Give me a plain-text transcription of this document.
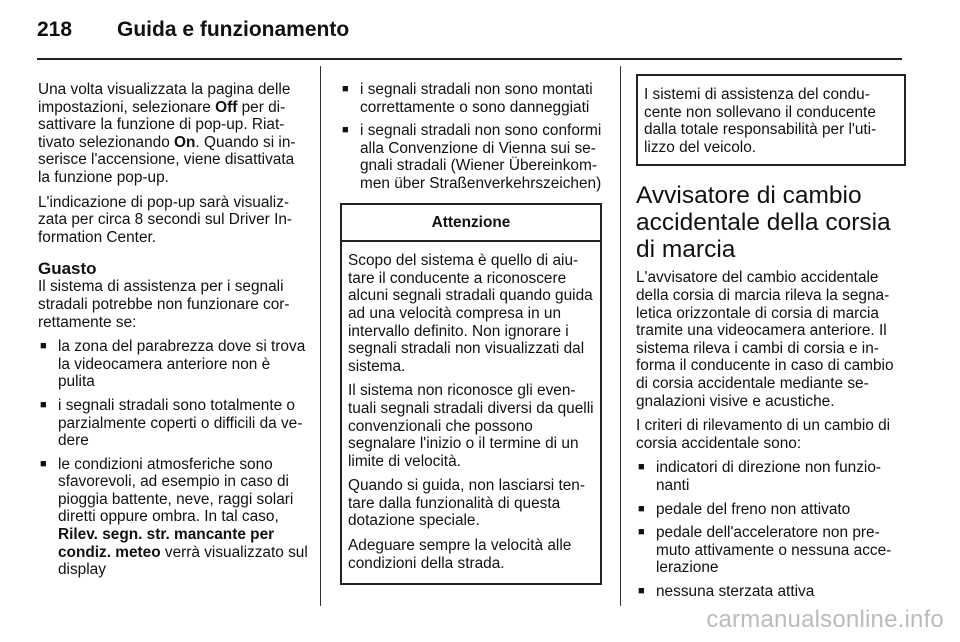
218 Guida e funzionamento

Una volta visualizzata la pagina delle impostazioni, selezionare Off per disattivare la funzione di pop-up. Riattivato selezionando On. Quando si inserisce l'accensione, viene disattivata la funzione pop-up.

L'indicazione di pop-up sarà visualizzata per circa 8 secondi sul Driver Information Center.

Guasto

Il sistema di assistenza per i segnali stradali potrebbe non funzionare correttamente se:

■ la zona del parabrezza dove si trova la videocamera anteriore non è pulita
■ i segnali stradali sono totalmente o parzialmente coperti o difficili da vedere
■ le condizioni atmosferiche sono sfavorevoli, ad esempio in caso di pioggia battente, neve, raggi solari diretti oppure ombra. In tal caso, Rilev. segn. str. mancante per condiz. meteo verrà visualizzato sul display
■ i segnali stradali non sono montati correttamente o sono danneggiati
■ i segnali stradali non sono conformi alla Convenzione di Vienna sui segnali stradali (Wiener Übereinkommen über Straßenverkehrszeichen)
Attenzione

Scopo del sistema è quello di aiutare il conducente a riconoscere alcuni segnali stradali quando guida ad una velocità compresa in un intervallo definito. Non ignorare i segnali stradali non visualizzati dal sistema.

Il sistema non riconosce gli eventuali segnali stradali diversi da quelli convenzionali che possono segnalare l'inizio o il termine di un limite di velocità.

Quando si guida, non lasciarsi tentare dalla funzionalità di questa dotazione speciale.

Adeguare sempre la velocità alle condizioni della strada.

I sistemi di assistenza del conducente non sollevano il conducente dalla totale responsabilità per l'utilizzo del veicolo.
Avvisatore di cambio accidentale della corsia di marcia

L'avvisatore del cambio accidentale della corsia di marcia rileva la segnaletica orizzontale di corsia di marcia tramite una videocamera anteriore. Il sistema rileva i cambi di corsia e informa il conducente in caso di cambio di corsia accidentale mediante segnalazioni visive e acustiche.

I criteri di rilevamento di un cambio di corsia accidentale sono:

■ indicatori di direzione non funzionanti
■ pedale del freno non attivato
■ pedale dell'acceleratore non premuto attivamente o nessuna accelerazione
■ nessuna sterzata attiva
carmanualsonline.info
